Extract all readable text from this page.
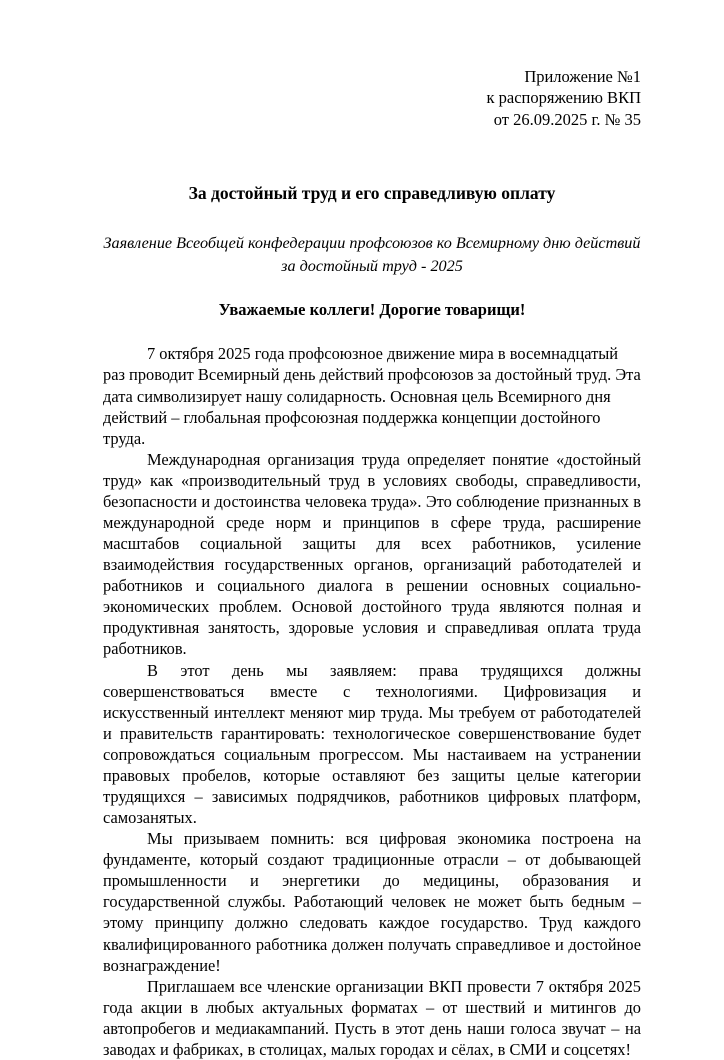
Приложение №1
к распоряжению ВКП
от 26.09.2025 г. № 35
За достойный труд и его справедливую оплату
Заявление Всеобщей конфедерации профсоюзов ко Всемирному дню действий
за достойный труд - 2025
Уважаемые коллеги! Дорогие товарищи!

7 октября 2025 года профсоюзное движение мира в восемнадцатый раз проводит Всемирный день действий профсоюзов за достойный труд. Эта дата символизирует нашу солидарность. Основная цель Всемирного дня действий – глобальная профсоюзная поддержка концепции достойного труда.

Международная организация труда определяет понятие «достойный труд» как «производительный труд в условиях свободы, справедливости, безопасности и достоинства человека труда». Это соблюдение признанных в международной среде норм и принципов в сфере труда, расширение масштабов социальной защиты для всех работников, усиление взаимодействия государственных органов, организаций работодателей и работников и социального диалога в решении основных социально-экономических проблем. Основой достойного труда являются полная и продуктивная занятость, здоровые условия и справедливая оплата труда работников.

В этот день мы заявляем: права трудящихся должны совершенствоваться вместе с технологиями. Цифровизация и искусственный интеллект меняют мир труда. Мы требуем от работодателей и правительств гарантировать: технологическое совершенствование будет сопровождаться социальным прогрессом. Мы настаиваем на устранении правовых пробелов, которые оставляют без защиты целые категории трудящихся – зависимых подрядчиков, работников цифровых платформ, самозанятых.

Мы призываем помнить: вся цифровая экономика построена на фундаменте, который создают традиционные отрасли – от добывающей промышленности и энергетики до медицины, образования и государственной службы. Работающий человек не может быть бедным – этому принципу должно следовать каждое государство. Труд каждого квалифицированного работника должен получать справедливое и достойное вознаграждение!

Приглашаем все членские организации ВКП провести 7 октября 2025 года акции в любых актуальных форматах – от шествий и митингов до автопробегов и медиакампаний. Пусть в этот день наши голоса звучат – на заводах и фабриках, в столицах, малых городах и сёлах, в СМИ и соцсетях!
